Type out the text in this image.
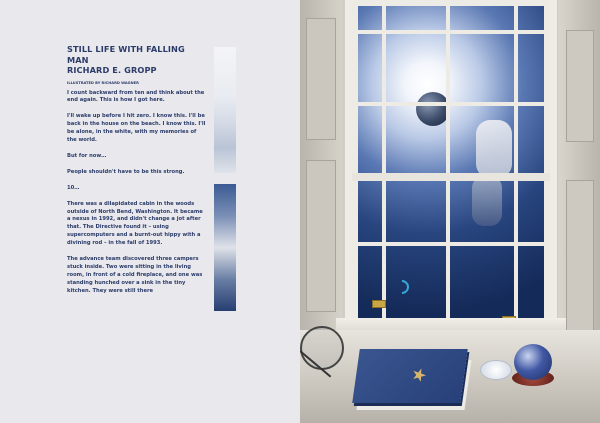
STILL LIFE WITH FALLING MAN
RICHARD E. GROPP

ILLUSTRATED BY RICHARD WAGNER

I count backward from ten and think about the end again. This is how I got here.

I'll wake up before I hit zero. I know this. I'll be back in the house on the beach. I know this. I'll be alone, in the white, with my memories of the world.

But for now…

People shouldn't have to be this strong.

10…

There was a dilapidated cabin in the woods outside of North Bend, Washington. It became a nexus in 1992, and didn't change a jot after that. The Directive found it – using supercomputers and a burnt-out hippy with a divining rod – in the fall of 1993.

The advance team discovered three campers stuck inside. Two were sitting in the living room, in front of a cold fireplace, and one was standing hunched over a sink in the tiny kitchen. They were still there
